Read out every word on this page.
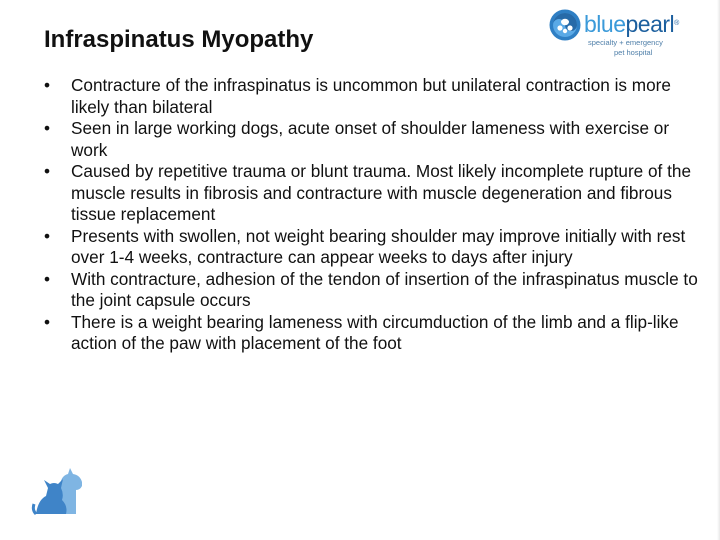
Infraspinatus Myopathy
bluepearl®
specialty + emergency
pet hospital
• Contracture of the infraspinatus is uncommon but unilateral contraction is more likely than bilateral
• Seen in large working dogs, acute onset of shoulder lameness with exercise or work
• Caused by repetitive trauma or blunt trauma. Most likely incomplete rupture of the muscle results in fibrosis and contracture with muscle degeneration and fibrous tissue replacement
• Presents with swollen, not weight bearing shoulder may improve initially with rest over 1-4 weeks, contracture can appear weeks to days after injury
• With contracture, adhesion of the tendon of insertion of the infraspinatus muscle to the joint capsule occurs
• There is a weight bearing lameness with circumduction of the limb and a flip-like action of the paw with placement of the foot
